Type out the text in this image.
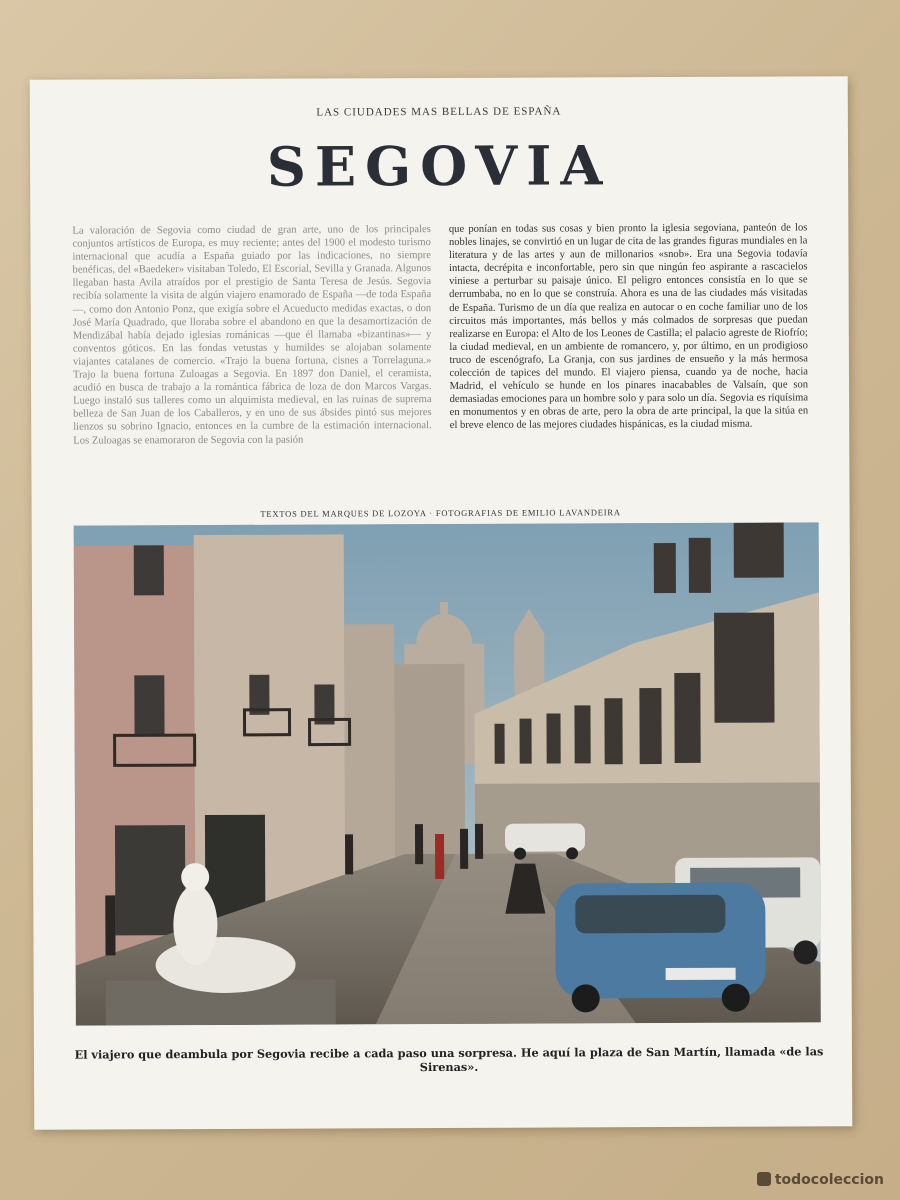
LAS CIUDADES MAS BELLAS DE ESPAÑA
SEGOVIA
La valoración de Segovia como ciudad de gran arte, uno de los principales conjuntos artísticos de Europa, es muy reciente; antes del 1900 el modesto turismo internacional que acudía a España guiado por las indicaciones, no siempre benéficas, del «Baedeker» visitaban Toledo, El Escorial, Sevilla y Granada. Algunos llegaban hasta Avila atraídos por el prestigio de Santa Teresa de Jesús. Segovia recibía solamente la visita de algún viajero enamorado de España —de toda España—, como don Antonio Ponz, que exigía sobre el Acueducto medidas exactas, o don José María Quadrado, que lloraba sobre el abandono en que la desamortización de Mendizábal había dejado iglesias románicas —que él llamaba «bizantinas»— y conventos góticos. En las fondas vetustas y humildes se alojaban solamente viajantes catalanes de comercio. «Trajo la buena fortuna, cisnes a Torrelaguna.» Trajo la buena fortuna Zuloagas a Segovia. En 1897 don Daniel, el ceramista, acudió en busca de trabajo a la romántica fábrica de loza de don Marcos Vargas. Luego instaló sus talleres como un alquimista medieval, en las ruinas de suprema belleza de San Juan de los Caballeros, y en uno de sus ábsides pintó sus mejores lienzos su sobrino Ignacio, entonces en la cumbre de la estimación internacional. Los Zuloagas se enamoraron de Segovia con la pasión
que ponían en todas sus cosas y bien pronto la iglesia segoviana, panteón de los nobles linajes, se convirtió en un lugar de cita de las grandes figuras mundiales en la literatura y de las artes y aun de millonarios «snob». Era una Segovia todavía intacta, decrépita e inconfortable, pero sin que ningún feo aspirante a rascacielos viniese a perturbar su paisaje único. El peligro entonces consistía en lo que se derrumbaba, no en lo que se construía. Ahora es una de las ciudades más visitadas de España. Turismo de un día que realiza en autocar o en coche familiar uno de los circuitos más importantes, más bellos y más colmados de sorpresas que puedan realizarse en Europa: el Alto de los Leones de Castilla; el palacio agreste de Riofrío; la ciudad medieval, en un ambiente de romancero, y, por último, en un prodigioso truco de escenógrafo, La Granja, con sus jardines de ensueño y la más hermosa colección de tapices del mundo. El viajero piensa, cuando ya de noche, hacia Madrid, el vehículo se hunde en los pinares inacabables de Valsaín, que son demasiadas emociones para un hombre solo y para solo un día. Segovia es riquísima en monumentos y en obras de arte, pero la obra de arte principal, la que la sitúa en el breve elenco de las mejores ciudades hispánicas, es la ciudad misma.
TEXTOS DEL MARQUES DE LOZOYA · FOTOGRAFIAS DE EMILIO LAVANDEIRA
El viajero que deambula por Segovia recibe a cada paso una sorpresa. He aquí la plaza de San Martín, llamada «de las Sirenas».
todocoleccion
